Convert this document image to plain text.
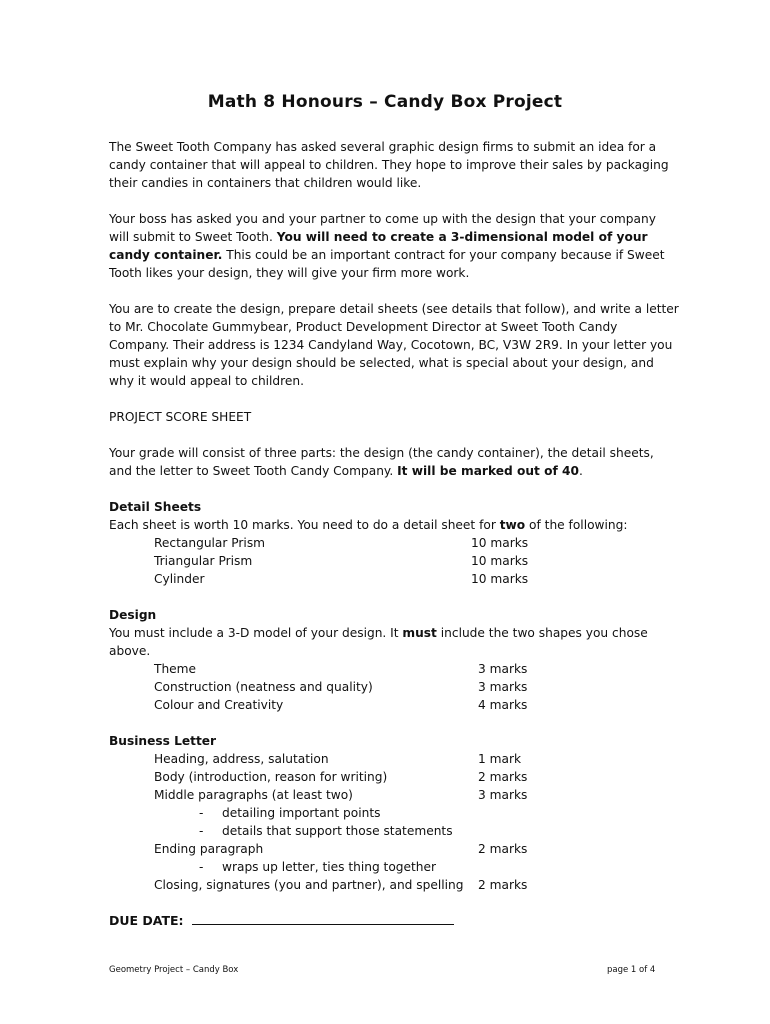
Math 8 Honours – Candy Box Project

The Sweet Tooth Company has asked several graphic design firms to submit an idea for a candy container that will appeal to children. They hope to improve their sales by packaging their candies in containers that children would like.

Your boss has asked you and your partner to come up with the design that your company will submit to Sweet Tooth. You will need to create a 3-dimensional model of your candy container. This could be an important contract for your company because if Sweet Tooth likes your design, they will give your firm more work.

You are to create the design, prepare detail sheets (see details that follow), and write a letter to Mr. Chocolate Gummybear, Product Development Director at Sweet Tooth Candy Company. Their address is 1234 Candyland Way, Cocotown, BC, V3W 2R9. In your letter you must explain why your design should be selected, what is special about your design, and why it would appeal to children.

PROJECT SCORE SHEET

Your grade will consist of three parts: the design (the candy container), the detail sheets, and the letter to Sweet Tooth Candy Company. It will be marked out of 40.

Detail Sheets
Each sheet is worth 10 marks. You need to do a detail sheet for two of the following:
Rectangular Prism	10 marks
Triangular Prism	10 marks
Cylinder	10 marks
Design
You must include a 3-D model of your design. It must include the two shapes you chose above.
Theme	3 marks
Construction (neatness and quality)	3 marks
Colour and Creativity	4 marks
Business Letter
Heading, address, salutation	1 mark
Body (introduction, reason for writing)	2 marks
Middle paragraphs (at least two)	3 marks
- detailing important points
- details that support those statements
Ending paragraph	2 marks
- wraps up letter, ties thing together
Closing, signatures (you and partner), and spelling 2 marks
DUE DATE:
Geometry Project – Candy Box	page 1 of 4
